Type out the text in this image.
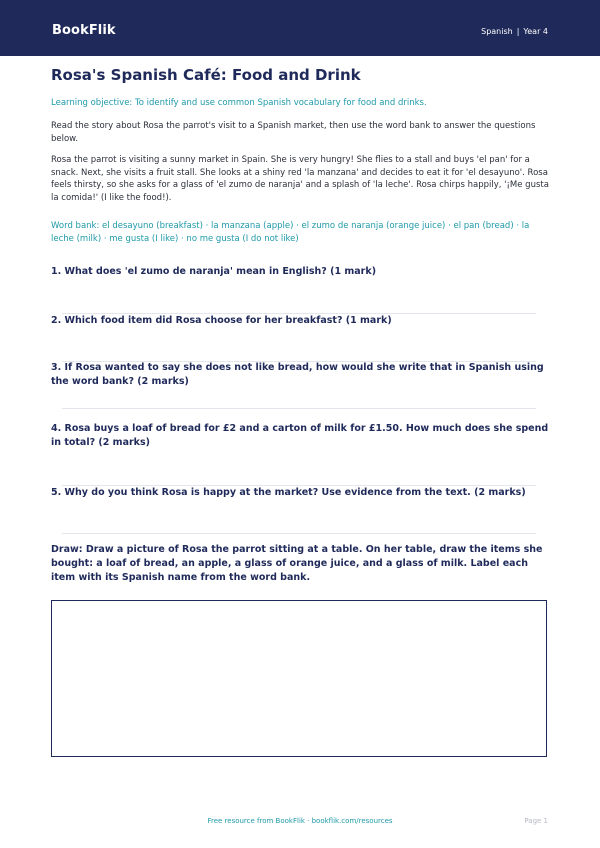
BookFlik	Spanish | Year 4
Rosa's Spanish Café: Food and Drink
Learning objective: To identify and use common Spanish vocabulary for food and drinks.
Read the story about Rosa the parrot's visit to a Spanish market, then use the word bank to answer the questions below.
Rosa the parrot is visiting a sunny market in Spain. She is very hungry! She flies to a stall and buys 'el pan' for a snack. Next, she visits a fruit stall. She looks at a shiny red 'la manzana' and decides to eat it for 'el desayuno'. Rosa feels thirsty, so she asks for a glass of 'el zumo de naranja' and a splash of 'la leche'. Rosa chirps happily, '¡Me gusta la comida!' (I like the food!).
Word bank: el desayuno (breakfast) · la manzana (apple) · el zumo de naranja (orange juice) · el pan (bread) · la leche (milk) · me gusta (I like) · no me gusta (I do not like)
1. What does 'el zumo de naranja' mean in English? (1 mark)
2. Which food item did Rosa choose for her breakfast? (1 mark)
3. If Rosa wanted to say she does not like bread, how would she write that in Spanish using the word bank? (2 marks)
4. Rosa buys a loaf of bread for £2 and a carton of milk for £1.50. How much does she spend in total? (2 marks)
5. Why do you think Rosa is happy at the market? Use evidence from the text. (2 marks)
Draw: Draw a picture of Rosa the parrot sitting at a table. On her table, draw the items she bought: a loaf of bread, an apple, a glass of orange juice, and a glass of milk. Label each item with its Spanish name from the word bank.
Free resource from BookFlik · bookflik.com/resources	Page 1
